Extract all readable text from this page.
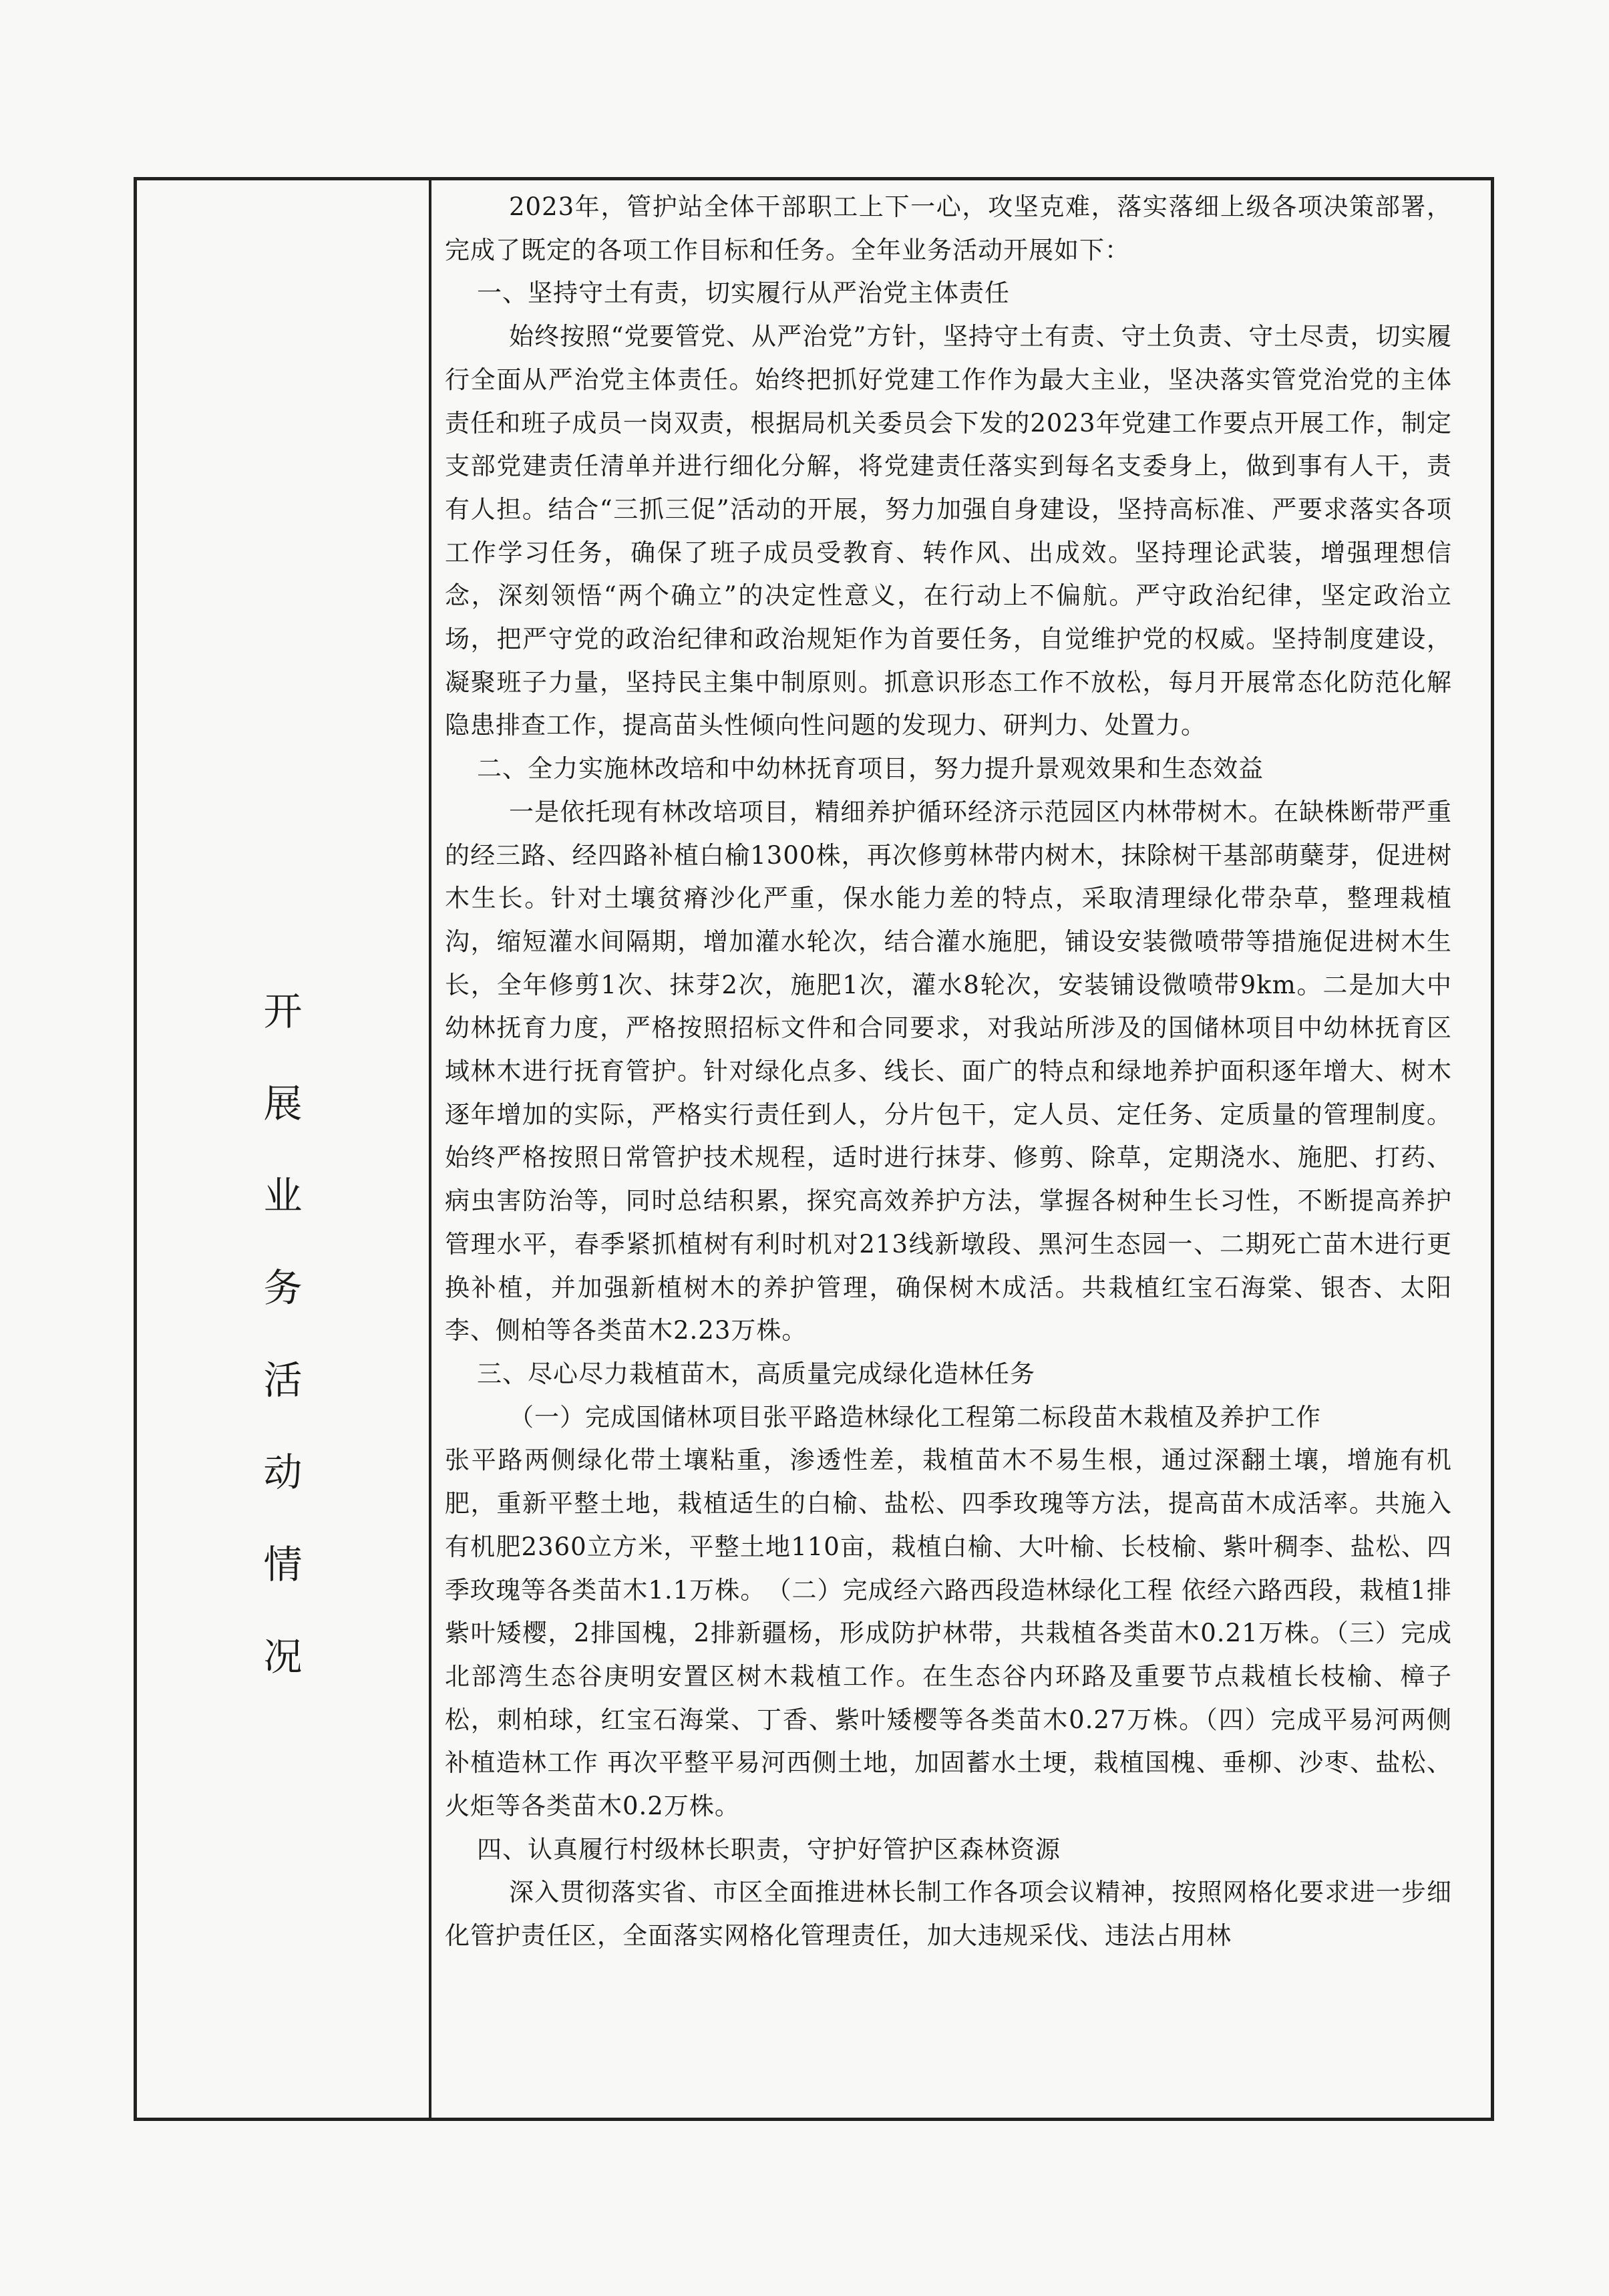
开
展
业
务
活
动
情
况

2023年，管护站全体干部职工上下一心，攻坚克难，落实落细上级各项决策部署，完成了既定的各项工作目标和任务。全年业务活动开展如下：

一、坚持守土有责，切实履行从严治党主体责任

始终按照“党要管党、从严治党”方针，坚持守土有责、守土负责、守土尽责，切实履行全面从严治党主体责任。始终把抓好党建工作作为最大主业，坚决落实管党治党的主体责任和班子成员一岗双责，根据局机关委员会下发的2023年党建工作要点开展工作，制定支部党建责任清单并进行细化分解，将党建责任落实到每名支委身上，做到事有人干，责有人担。结合“三抓三促”活动的开展，努力加强自身建设，坚持高标准、严要求落实各项工作学习任务，确保了班子成员受教育、转作风、出成效。坚持理论武装，增强理想信念，深刻领悟“两个确立”的决定性意义，在行动上不偏航。严守政治纪律，坚定政治立场，把严守党的政治纪律和政治规矩作为首要任务，自觉维护党的权威。坚持制度建设，凝聚班子力量，坚持民主集中制原则。抓意识形态工作不放松，每月开展常态化防范化解隐患排查工作，提高苗头性倾向性问题的发现力、研判力、处置力。

二、全力实施林改培和中幼林抚育项目，努力提升景观效果和生态效益

一是依托现有林改培项目，精细养护循环经济示范园区内林带树木。在缺株断带严重的经三路、经四路补植白榆1300株，再次修剪林带内树木，抹除树干基部萌蘖芽，促进树木生长。针对土壤贫瘠沙化严重，保水能力差的特点，采取清理绿化带杂草，整理栽植沟，缩短灌水间隔期，增加灌水轮次，结合灌水施肥，铺设安装微喷带等措施促进树木生长，全年修剪1次、抹芽2次，施肥1次，灌水8轮次，安装铺设微喷带9km。二是加大中幼林抚育力度，严格按照招标文件和合同要求，对我站所涉及的国储林项目中幼林抚育区域林木进行抚育管护。针对绿化点多、线长、面广的特点和绿地养护面积逐年增大、树木逐年增加的实际，严格实行责任到人，分片包干，定人员、定任务、定质量的管理制度。始终严格按照日常管护技术规程，适时进行抹芽、修剪、除草，定期浇水、施肥、打药、病虫害防治等，同时总结积累，探究高效养护方法，掌握各树种生长习性，不断提高养护管理水平，春季紧抓植树有利时机对213线新墩段、黑河生态园一、二期死亡苗木进行更换补植，并加强新植树木的养护管理，确保树木成活。共栽植红宝石海棠、银杏、太阳李、侧柏等各类苗木2.23万株。

三、尽心尽力栽植苗木，高质量完成绿化造林任务

（一）完成国储林项目张平路造林绿化工程第二标段苗木栽植及养护工作

张平路两侧绿化带土壤粘重，渗透性差，栽植苗木不易生根，通过深翻土壤，增施有机肥，重新平整土地，栽植适生的白榆、盐松、四季玫瑰等方法，提高苗木成活率。共施入有机肥2360立方米，平整土地110亩，栽植白榆、大叶榆、长枝榆、紫叶稠李、盐松、四季玫瑰等各类苗木1.1万株。　（二）完成经六路西段造林绿化工程 依经六路西段，栽植1排紫叶矮樱，2排国槐，2排新疆杨，形成防护林带，共栽植各类苗木0.21万株。（三）完成北部湾生态谷庚明安置区树木栽植工作。在生态谷内环路及重要节点栽植长枝榆、樟子松，刺柏球，红宝石海棠、丁香、紫叶矮樱等各类苗木0.27万株。（四）完成平易河两侧补植造林工作 再次平整平易河西侧土地，加固蓄水土埂，栽植国槐、垂柳、沙枣、盐松、火炬等各类苗木0.2万株。

四、认真履行村级林长职责，守护好管护区森林资源

深入贯彻落实省、市区全面推进林长制工作各项会议精神，按照网格化要求进一步细化管护责任区，全面落实网格化管理责任，加大违规采伐、违法占用林
